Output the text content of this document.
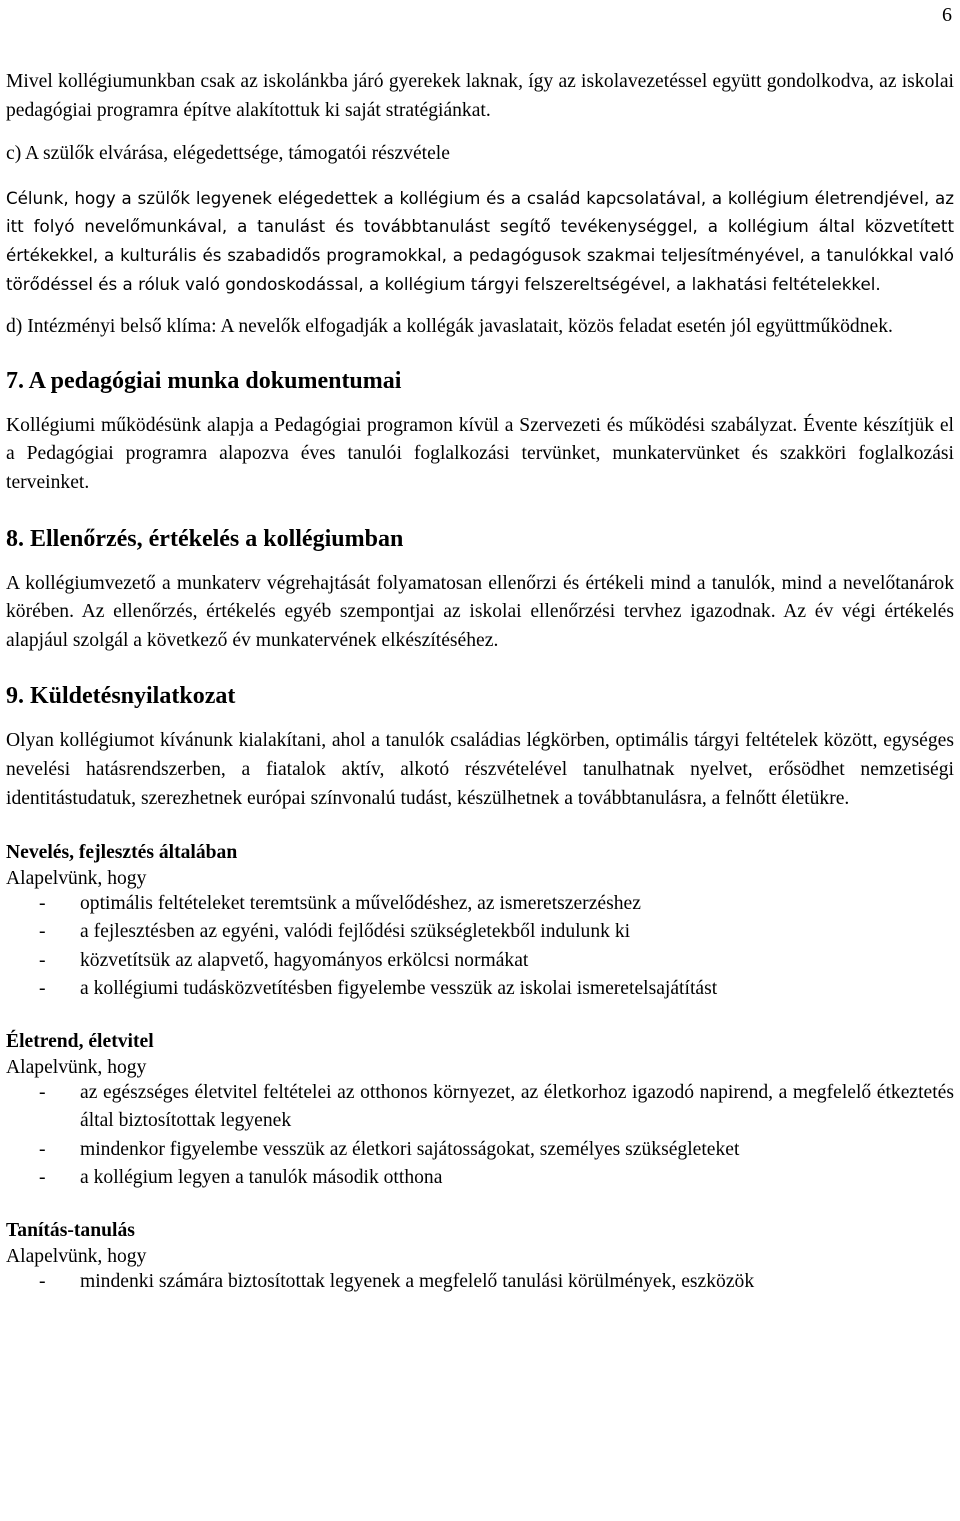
6

Mivel kollégiumunkban csak az iskolánkba járó gyerekek laknak, így az iskolavezetéssel együtt gondolkodva, az iskolai pedagógiai programra építve alakítottuk ki saját stratégiánkat.

c) A szülők elvárása, elégedettsége, támogatói részvétele

Célunk, hogy a szülők legyenek elégedettek a kollégium és a család kapcsolatával, a kollégium életrendjével, az itt folyó nevelőmunkával, a tanulást és továbbtanulást segítő tevékenységgel, a kollégium által közvetített értékekkel, a kulturális és szabadidős programokkal, a pedagógusok szakmai teljesítményével, a tanulókkal való törődéssel és a róluk való gondoskodással, a kollégium tárgyi felszereltségével, a lakhatási feltételekkel.

d) Intézményi belső klíma: A nevelők elfogadják a kollégák javaslatait, közös feladat esetén jól együttműködnek.

7. A pedagógiai munka dokumentumai

Kollégiumi működésünk alapja a Pedagógiai programon kívül a Szervezeti és működési szabályzat. Évente készítjük el a Pedagógiai programra alapozva éves tanulói foglalkozási tervünket, munkatervünket és szakköri foglalkozási terveinket.

8. Ellenőrzés, értékelés a kollégiumban

A kollégiumvezető a munkaterv végrehajtását folyamatosan ellenőrzi és értékeli mind a tanulók, mind a nevelőtanárok körében. Az ellenőrzés, értékelés egyéb szempontjai az iskolai ellenőrzési tervhez igazodnak. Az év végi értékelés alapjául szolgál a következő év munkatervének elkészítéséhez.

9. Küldetésnyilatkozat

Olyan kollégiumot kívánunk kialakítani, ahol a tanulók családias légkörben, optimális tárgyi feltételek között, egységes nevelési hatásrendszerben, a fiatalok aktív, alkotó részvételével tanulhatnak nyelvet, erősödhet nemzetiségi identitástudatuk, szerezhetnek európai színvonalú tudást, készülhetnek a továbbtanulásra, a felnőtt életükre.

Nevelés, fejlesztés általában
Alapelvünk, hogy
- optimális feltételeket teremtsünk a művelődéshez, az ismeretszerzéshez
- a fejlesztésben az egyéni, valódi fejlődési szükségletekből indulunk ki
- közvetítsük az alapvető, hagyományos erkölcsi normákat
- a kollégiumi tudásközvetítésben figyelembe vesszük az iskolai ismeretelsajátítást
Életrend, életvitel
Alapelvünk, hogy
- az egészséges életvitel feltételei az otthonos környezet, az életkorhoz igazodó napirend, a megfelelő étkeztetés által biztosítottak legyenek
- mindenkor figyelembe vesszük az életkori sajátosságokat, személyes szükségleteket
- a kollégium legyen a tanulók második otthona
Tanítás-tanulás
Alapelvünk, hogy
- mindenki számára biztosítottak legyenek a megfelelő tanulási körülmények, eszközök
